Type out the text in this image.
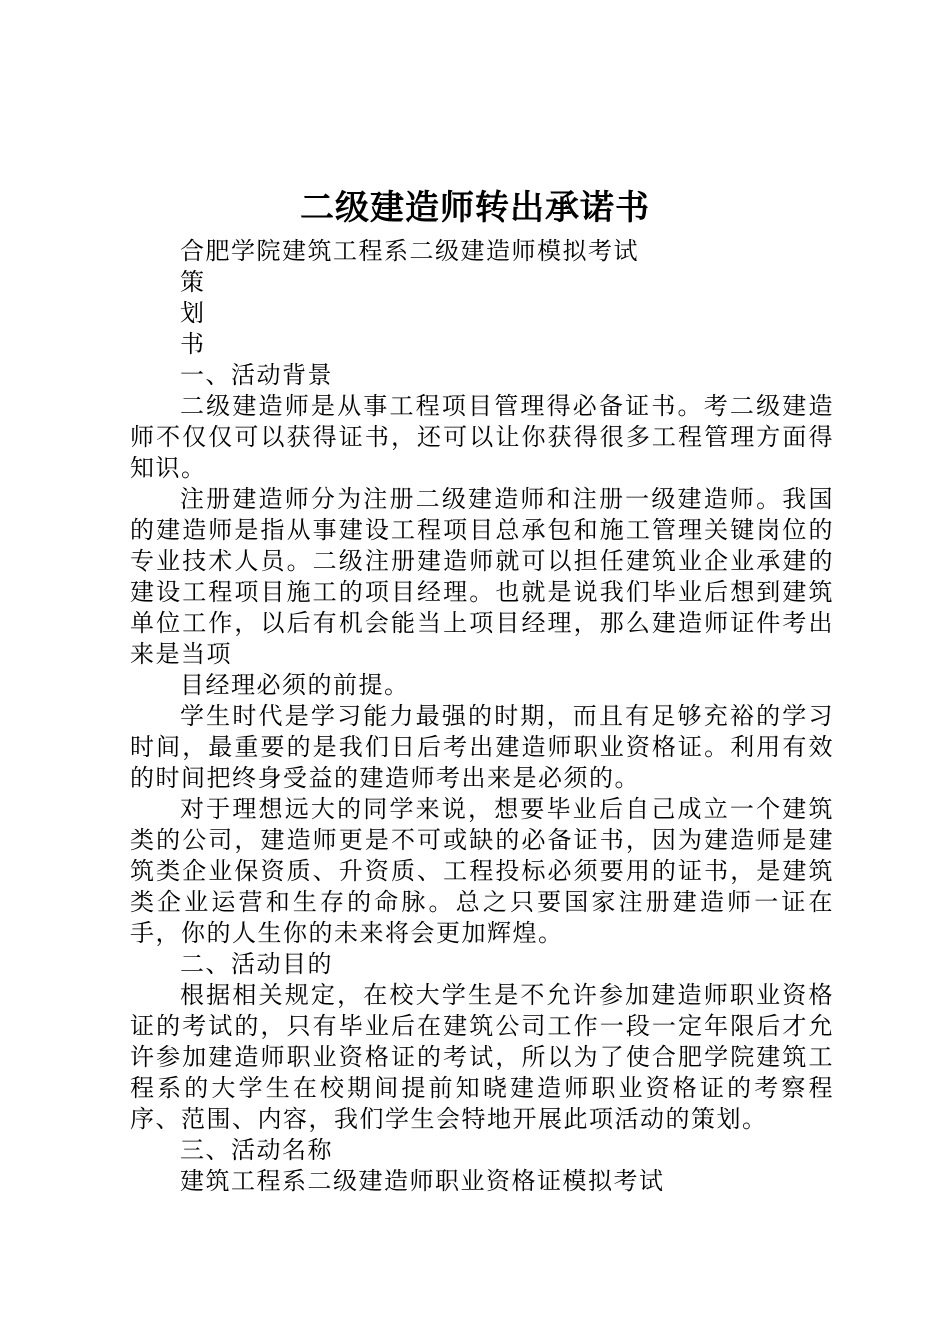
二级建造师转出承诺书

合肥学院建筑工程系二级建造师模拟考试

策

划

书

一、活动背景

二级建造师是从事工程项目管理得必备证书。考二级建造师不仅仅可以获得证书，还可以让你获得很多工程管理方面得知识。

注册建造师分为注册二级建造师和注册一级建造师。我国的建造师是指从事建设工程项目总承包和施工管理关键岗位的专业技术人员。二级注册建造师就可以担任建筑业企业承建的建设工程项目施工的项目经理。也就是说我们毕业后想到建筑单位工作，以后有机会能当上项目经理，那么建造师证件考出来是当项

目经理必须的前提。

学生时代是学习能力最强的时期，而且有足够充裕的学习时间，最重要的是我们日后考出建造师职业资格证。利用有效的时间把终身受益的建造师考出来是必须的。

对于理想远大的同学来说，想要毕业后自己成立一个建筑类的公司，建造师更是不可或缺的必备证书，因为建造师是建筑类企业保资质、升资质、工程投标必须要用的证书，是建筑类企业运营和生存的命脉。总之只要国家注册建造师一证在手，你的人生你的未来将会更加辉煌。

二、活动目的

根据相关规定，在校大学生是不允许参加建造师职业资格证的考试的，只有毕业后在建筑公司工作一段一定年限后才允许参加建造师职业资格证的考试，所以为了使合肥学院建筑工程系的大学生在校期间提前知晓建造师职业资格证的考察程序、范围、内容，我们学生会特地开展此项活动的策划。

三、活动名称

建筑工程系二级建造师职业资格证模拟考试
